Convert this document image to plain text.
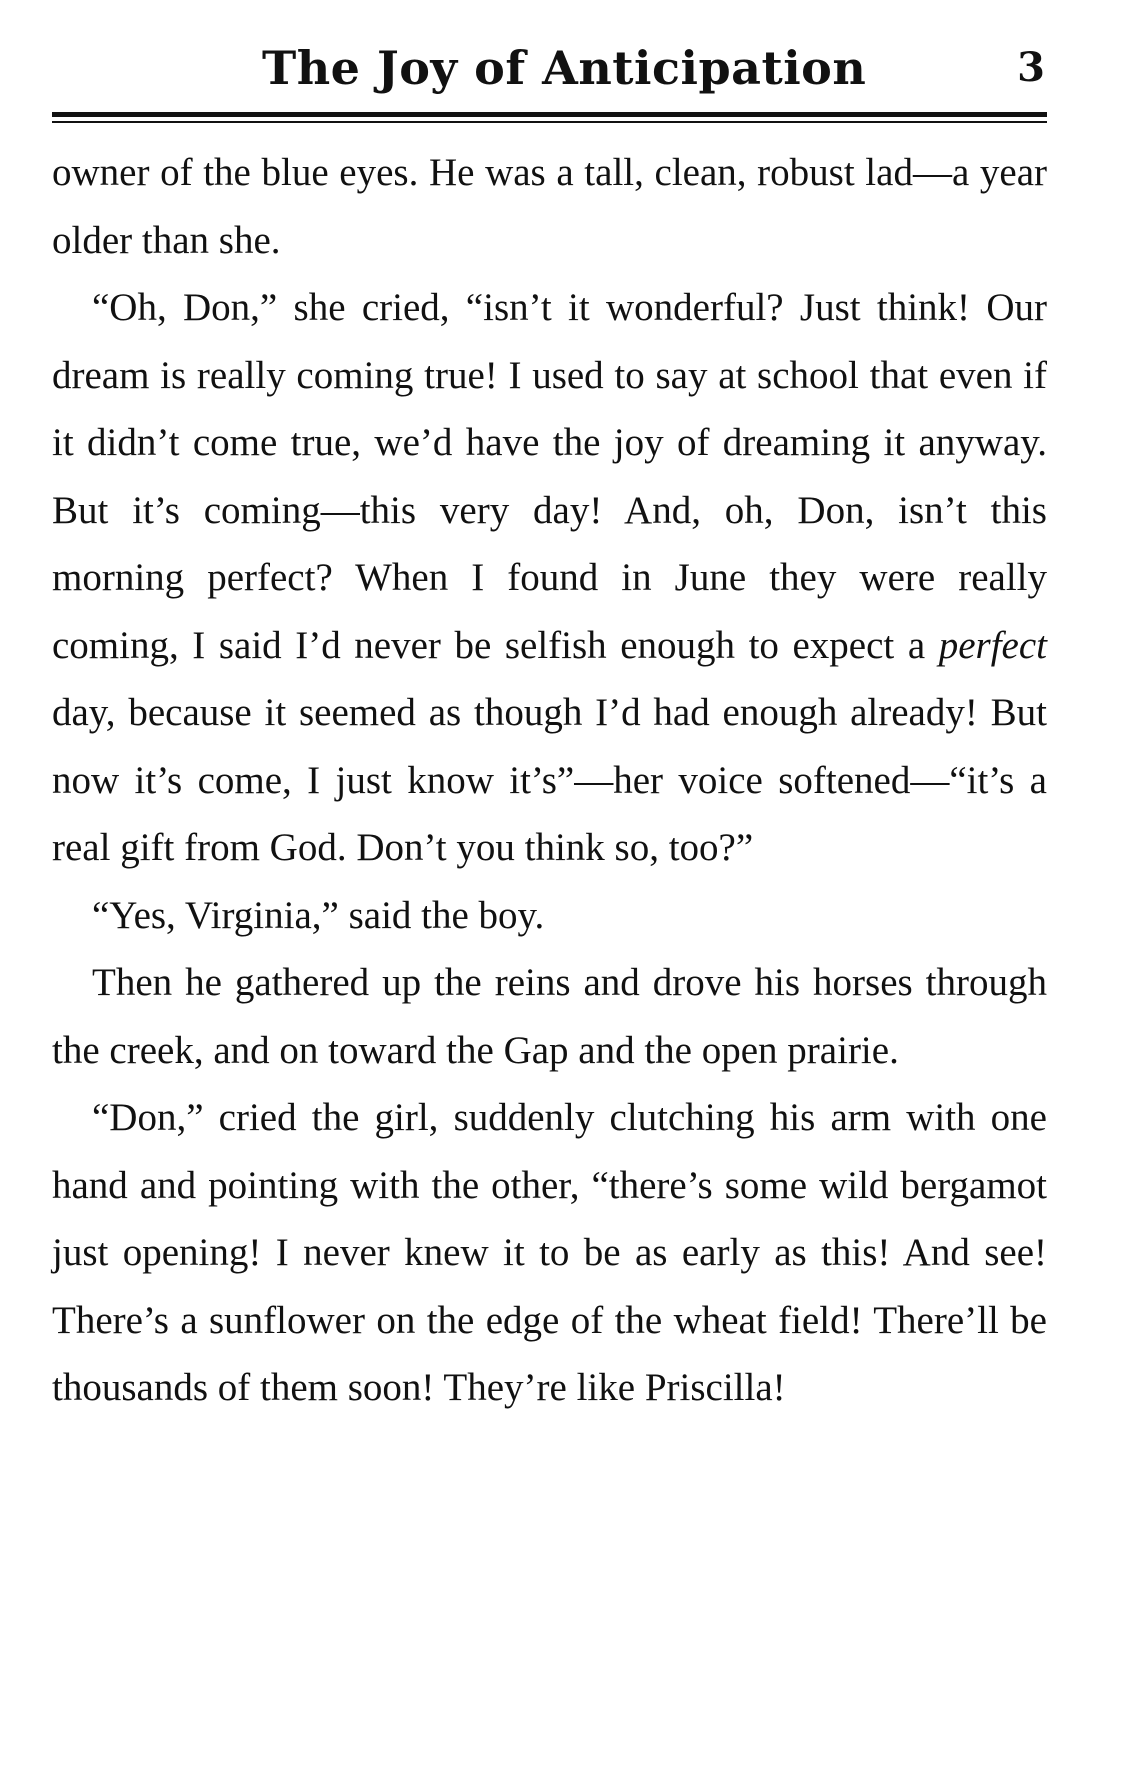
The Joy of Anticipation	3

owner of the blue eyes. He was a tall, clean, robust lad—a year older than she.

“Oh, Don,” she cried, “isn’t it wonderful? Just think! Our dream is really coming true! I used to say at school that even if it didn’t come true, we’d have the joy of dreaming it anyway. But it’s coming—this very day! And, oh, Don, isn’t this morning perfect? When I found in June they were really coming, I said I’d never be selfish enough to expect a perfect day, because it seemed as though I’d had enough already! But now it’s come, I just know it’s”—her voice softened—“it’s a real gift from God. Don’t you think so, too?”

“Yes, Virginia,” said the boy.

Then he gathered up the reins and drove his horses through the creek, and on toward the Gap and the open prairie.

“Don,” cried the girl, suddenly clutching his arm with one hand and pointing with the other, “there’s some wild bergamot just opening! I never knew it to be as early as this! And see! There’s a sunflower on the edge of the wheat field! There’ll be thousands of them soon! They’re like Priscilla!
